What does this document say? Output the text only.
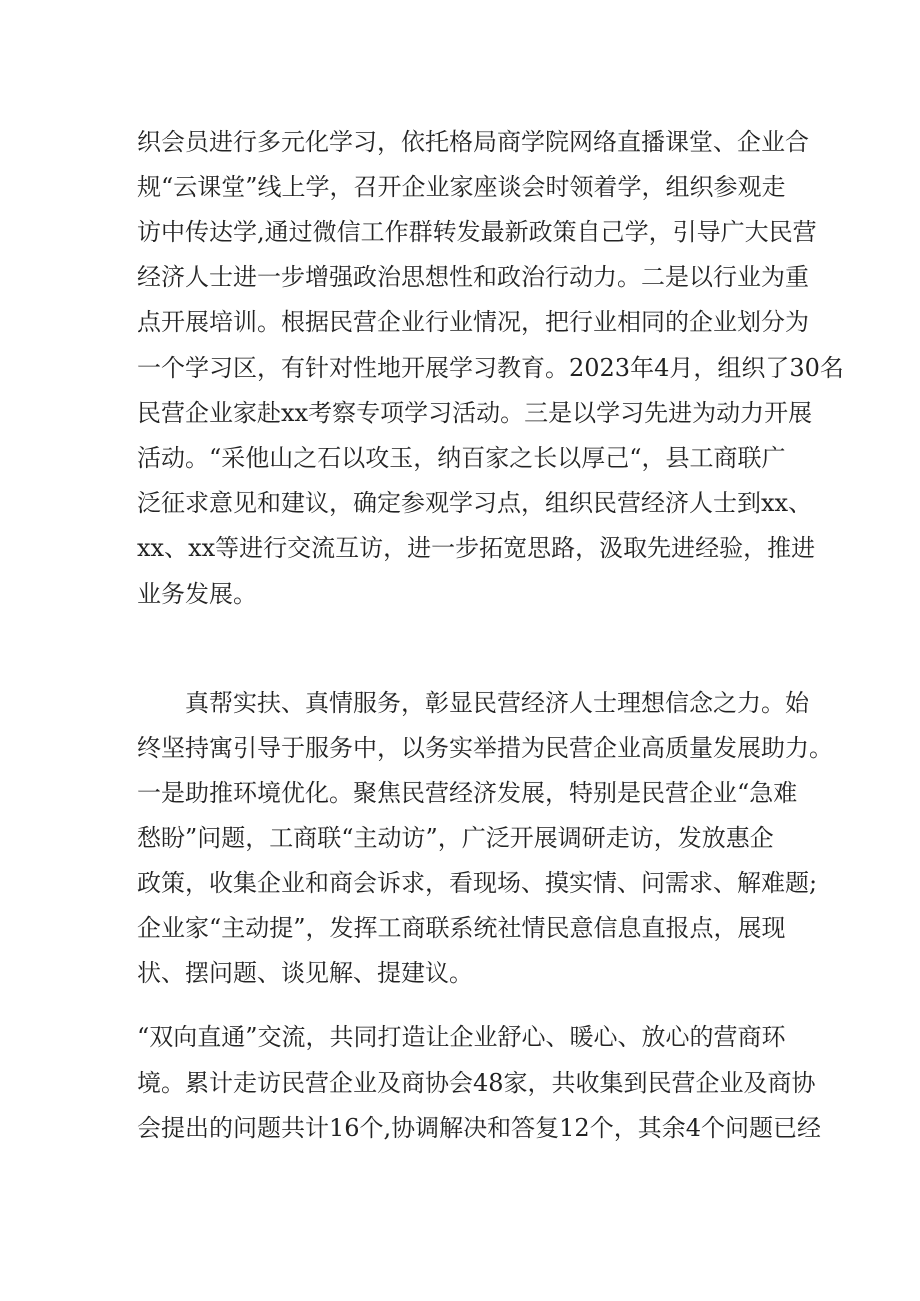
织会员进行多元化学习，依托格局商学院网络直播课堂、企业合
规“云课堂”线上学，召开企业家座谈会时领着学，组织参观走
访中传达学,通过微信工作群转发最新政策自己学，引导广大民营
经济人士进一步增强政治思想性和政治行动力。二是以行业为重
点开展培训。根据民营企业行业情况，把行业相同的企业划分为
一个学习区，有针对性地开展学习教育。2023年4月，组织了30名
民营企业家赴xx考察专项学习活动。三是以学习先进为动力开展
活动。“采他山之石以攻玉，纳百家之长以厚己“，县工商联广
泛征求意见和建议，确定参观学习点，组织民营经济人士到xx、
xx、xx等进行交流互访，进一步拓宽思路，汲取先进经验，推进
业务发展。
真帮实扶、真情服务，彰显民营经济人士理想信念之力。始
终坚持寓引导于服务中，以务实举措为民营企业高质量发展助力。
一是助推环境优化。聚焦民营经济发展，特别是民营企业“急难
愁盼”问题，工商联“主动访”，广泛开展调研走访，发放惠企
政策，收集企业和商会诉求，看现场、摸实情、问需求、解难题;
企业家“主动提”，发挥工商联系统社情民意信息直报点，展现
状、摆问题、谈见解、提建议。
“双向直通”交流，共同打造让企业舒心、暖心、放心的营商环
境。累计走访民营企业及商协会48家，共收集到民营企业及商协
会提出的问题共计16个,协调解决和答复12个，其余4个问题已经
